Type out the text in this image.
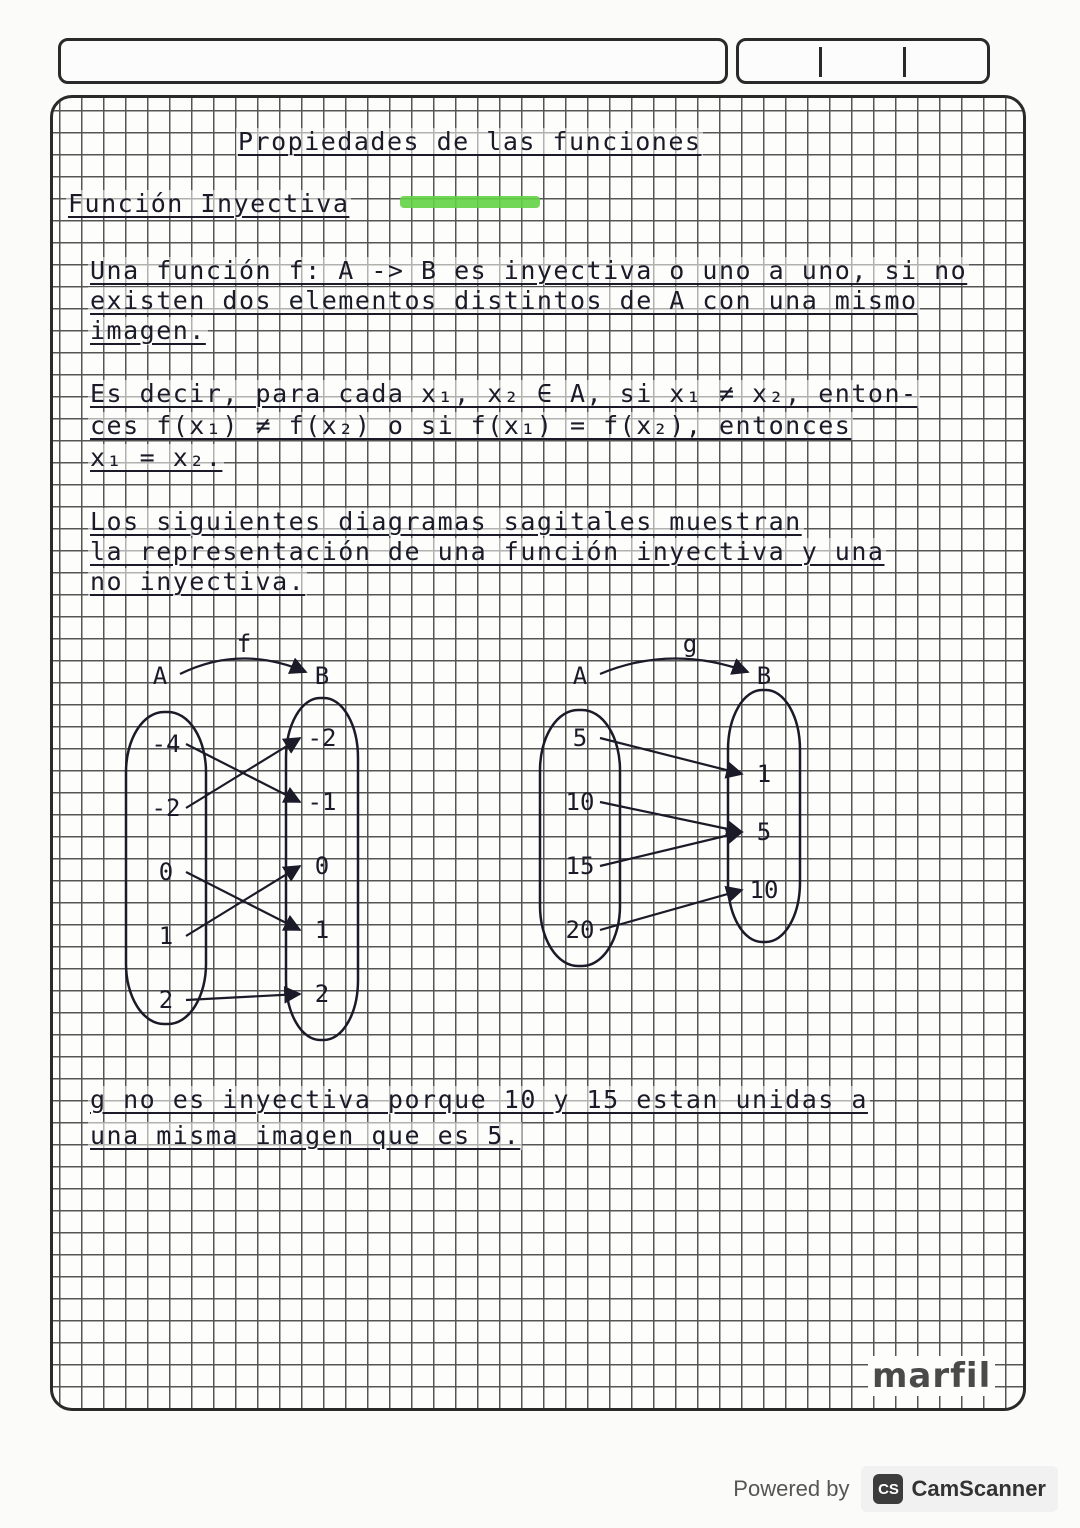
Propiedades de las funciones
Función Inyectiva
Una función f: A -> B es inyectiva o uno a uno, si no
existen dos elementos distintos de A con una mismo
imagen.
Es decir, para cada x₁, x₂ ∈ A, si x₁ ≠ x₂, enton-
ces f(x₁) ≠ f(x₂) o si f(x₁) = f(x₂), entonces
x₁ = x₂.
Los siguientes diagramas sagitales muestran
la representación de una función inyectiva y una
no inyectiva.
f
A	B
-4
-2
0
1
2
-2
-1
0
1
2
g
A	B
5
10
15
20
1
5
10
g no es inyectiva porque 10 y 15 estan unidas a
una misma imagen que es 5.
marfil
Powered by	CS CamScanner
